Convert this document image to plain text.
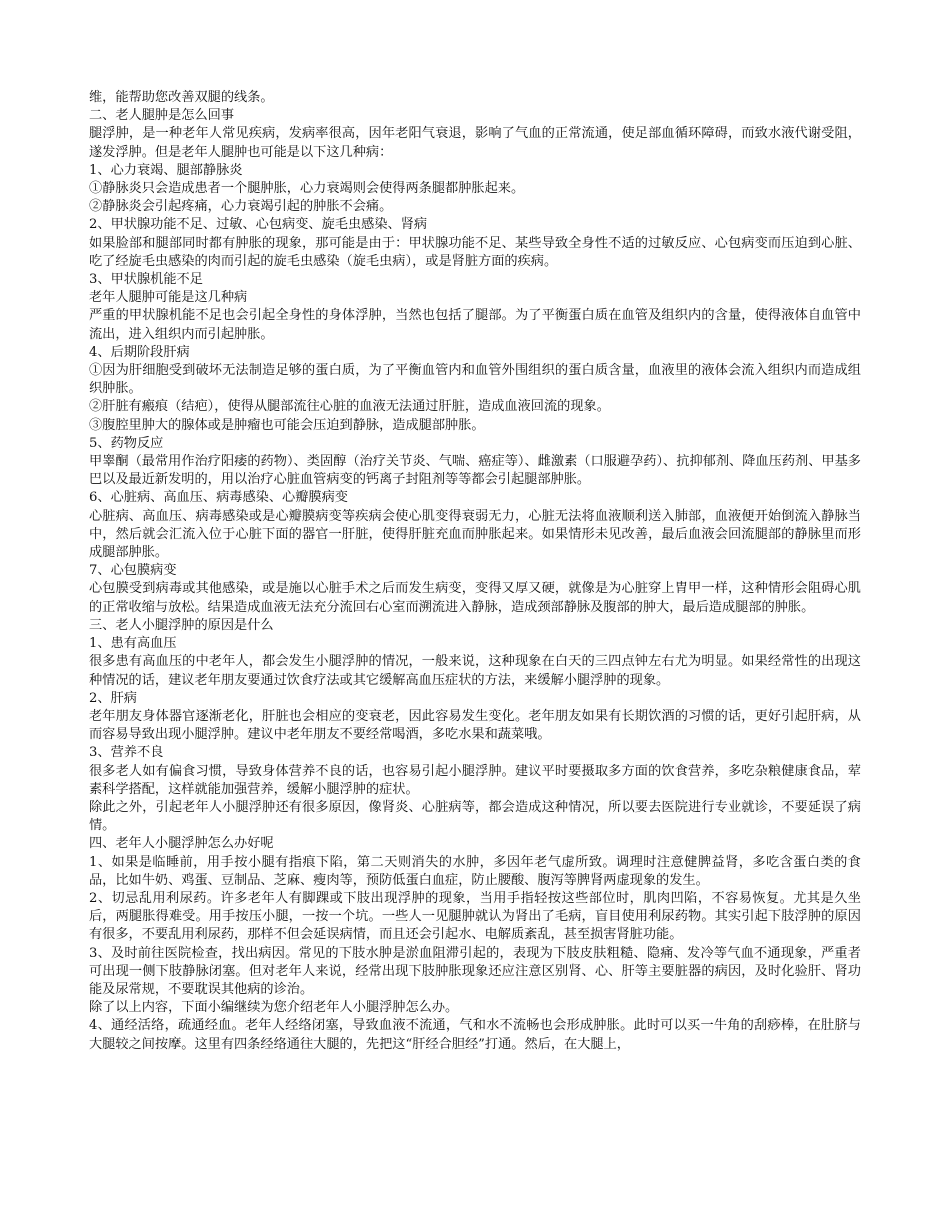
维，能帮助您改善双腿的线条。

二、老人腿肿是怎么回事

腿浮肿，是一种老年人常见疾病，发病率很高，因年老阳气衰退，影响了气血的正常流通，使足部血循环障碍，而致水液代谢受阻，遂发浮肿。但是老年人腿肿也可能是以下这几种病：

1、心力衰竭、腿部静脉炎

①静脉炎只会造成患者一个腿肿胀，心力衰竭则会使得两条腿都肿胀起来。

②静脉炎会引起疼痛，心力衰竭引起的肿胀不会痛。

2、甲状腺功能不足、过敏、心包病变、旋毛虫感染、肾病

如果脸部和腿部同时都有肿胀的现象，那可能是由于：甲状腺功能不足、某些导致全身性不适的过敏反应、心包病变而压迫到心脏、吃了经旋毛虫感染的肉而引起的旋毛虫感染（旋毛虫病），或是肾脏方面的疾病。

3、甲状腺机能不足

老年人腿肿可能是这几种病

严重的甲状腺机能不足也会引起全身性的身体浮肿，当然也包括了腿部。为了平衡蛋白质在血管及组织内的含量，使得液体自血管中流出，进入组织内而引起肿胀。

4、后期阶段肝病

①因为肝细胞受到破坏无法制造足够的蛋白质，为了平衡血管内和血管外围组织的蛋白质含量，血液里的液体会流入组织内而造成组织肿胀。

②肝脏有瘢痕（结疤），使得从腿部流往心脏的血液无法通过肝脏，造成血液回流的现象。

③腹腔里肿大的腺体或是肿瘤也可能会压迫到静脉，造成腿部肿胀。

5、药物反应

甲睾酮（最常用作治疗阳痿的药物）、类固醇（治疗关节炎、气喘、癌症等）、雌激素（口服避孕药）、抗抑郁剂、降血压药剂、甲基多巴以及最近新发明的，用以治疗心脏血管病变的钙离子封阻剂等等都会引起腿部肿胀。

6、心脏病、高血压、病毒感染、心瓣膜病变

心脏病、高血压、病毒感染或是心瓣膜病变等疾病会使心肌变得衰弱无力，心脏无法将血液顺利送入肺部，血液便开始倒流入静脉当中，然后就会汇流入位于心脏下面的器官一肝脏，使得肝脏充血而肿胀起来。如果情形未见改善，最后血液会回流腿部的静脉里而形成腿部肿胀。

7、心包膜病变

心包膜受到病毒或其他感染，或是施以心脏手术之后而发生病变，变得又厚又硬，就像是为心脏穿上胄甲一样，这种情形会阻碍心肌的正常收缩与放松。结果造成血液无法充分流回右心室而溯流进入静脉，造成颈部静脉及腹部的肿大，最后造成腿部的肿胀。

三、老人小腿浮肿的原因是什么

1、患有高血压

很多患有高血压的中老年人，都会发生小腿浮肿的情况，一般来说，这种现象在白天的三四点钟左右尤为明显。如果经常性的出现这种情况的话，建议老年朋友要通过饮食疗法或其它缓解高血压症状的方法，来缓解小腿浮肿的现象。

2、肝病

老年朋友身体器官逐渐老化，肝脏也会相应的变衰老，因此容易发生变化。老年朋友如果有长期饮酒的习惯的话，更好引起肝病，从而容易导致出现小腿浮肿。建议中老年朋友不要经常喝酒，多吃水果和蔬菜哦。

3、营养不良

很多老人如有偏食习惯，导致身体营养不良的话，也容易引起小腿浮肿。建议平时要摄取多方面的饮食营养，多吃杂粮健康食品，荤素科学搭配，这样就能加强营养，缓解小腿浮肿的症状。

除此之外，引起老年人小腿浮肿还有很多原因，像肾炎、心脏病等，都会造成这种情况，所以要去医院进行专业就诊，不要延误了病情。

四、老年人小腿浮肿怎么办好呢

1、如果是临睡前，用手按小腿有指痕下陷，第二天则消失的水肿，多因年老气虚所致。调理时注意健脾益肾，多吃含蛋白类的食品，比如牛奶、鸡蛋、豆制品、芝麻、瘦肉等，预防低蛋白血症，防止腰酸、腹泻等脾肾两虚现象的发生。

2、切忌乱用利尿药。许多老年人有脚踝或下肢出现浮肿的现象，当用手指轻按这些部位时，肌肉凹陷，不容易恢复。尤其是久坐后，两腿胀得难受。用手按压小腿，一按一个坑。一些人一见腿肿就认为肾出了毛病，盲目使用利尿药物。其实引起下肢浮肿的原因有很多，不要乱用利尿药，那样不但会延误病情，而且还会引起水、电解质紊乱，甚至损害肾脏功能。

3、及时前往医院检查，找出病因。常见的下肢水肿是淤血阻滞引起的，表现为下肢皮肤粗糙、隐痛、发冷等气血不通现象，严重者可出现一侧下肢静脉闭塞。但对老年人来说，经常出现下肢肿胀现象还应注意区别肾、心、肝等主要脏器的病因，及时化验肝、肾功能及尿常规，不要耽误其他病的诊治。

除了以上内容，下面小编继续为您介绍老年人小腿浮肿怎么办。

4、通经活络，疏通经血。老年人经络闭塞，导致血液不流通，气和水不流畅也会形成肿胀。此时可以买一牛角的刮痧棒，在肚脐与大腿较之间按摩。这里有四条经络通往大腿的，先把这“肝经合胆经”打通。然后，在大腿上，
